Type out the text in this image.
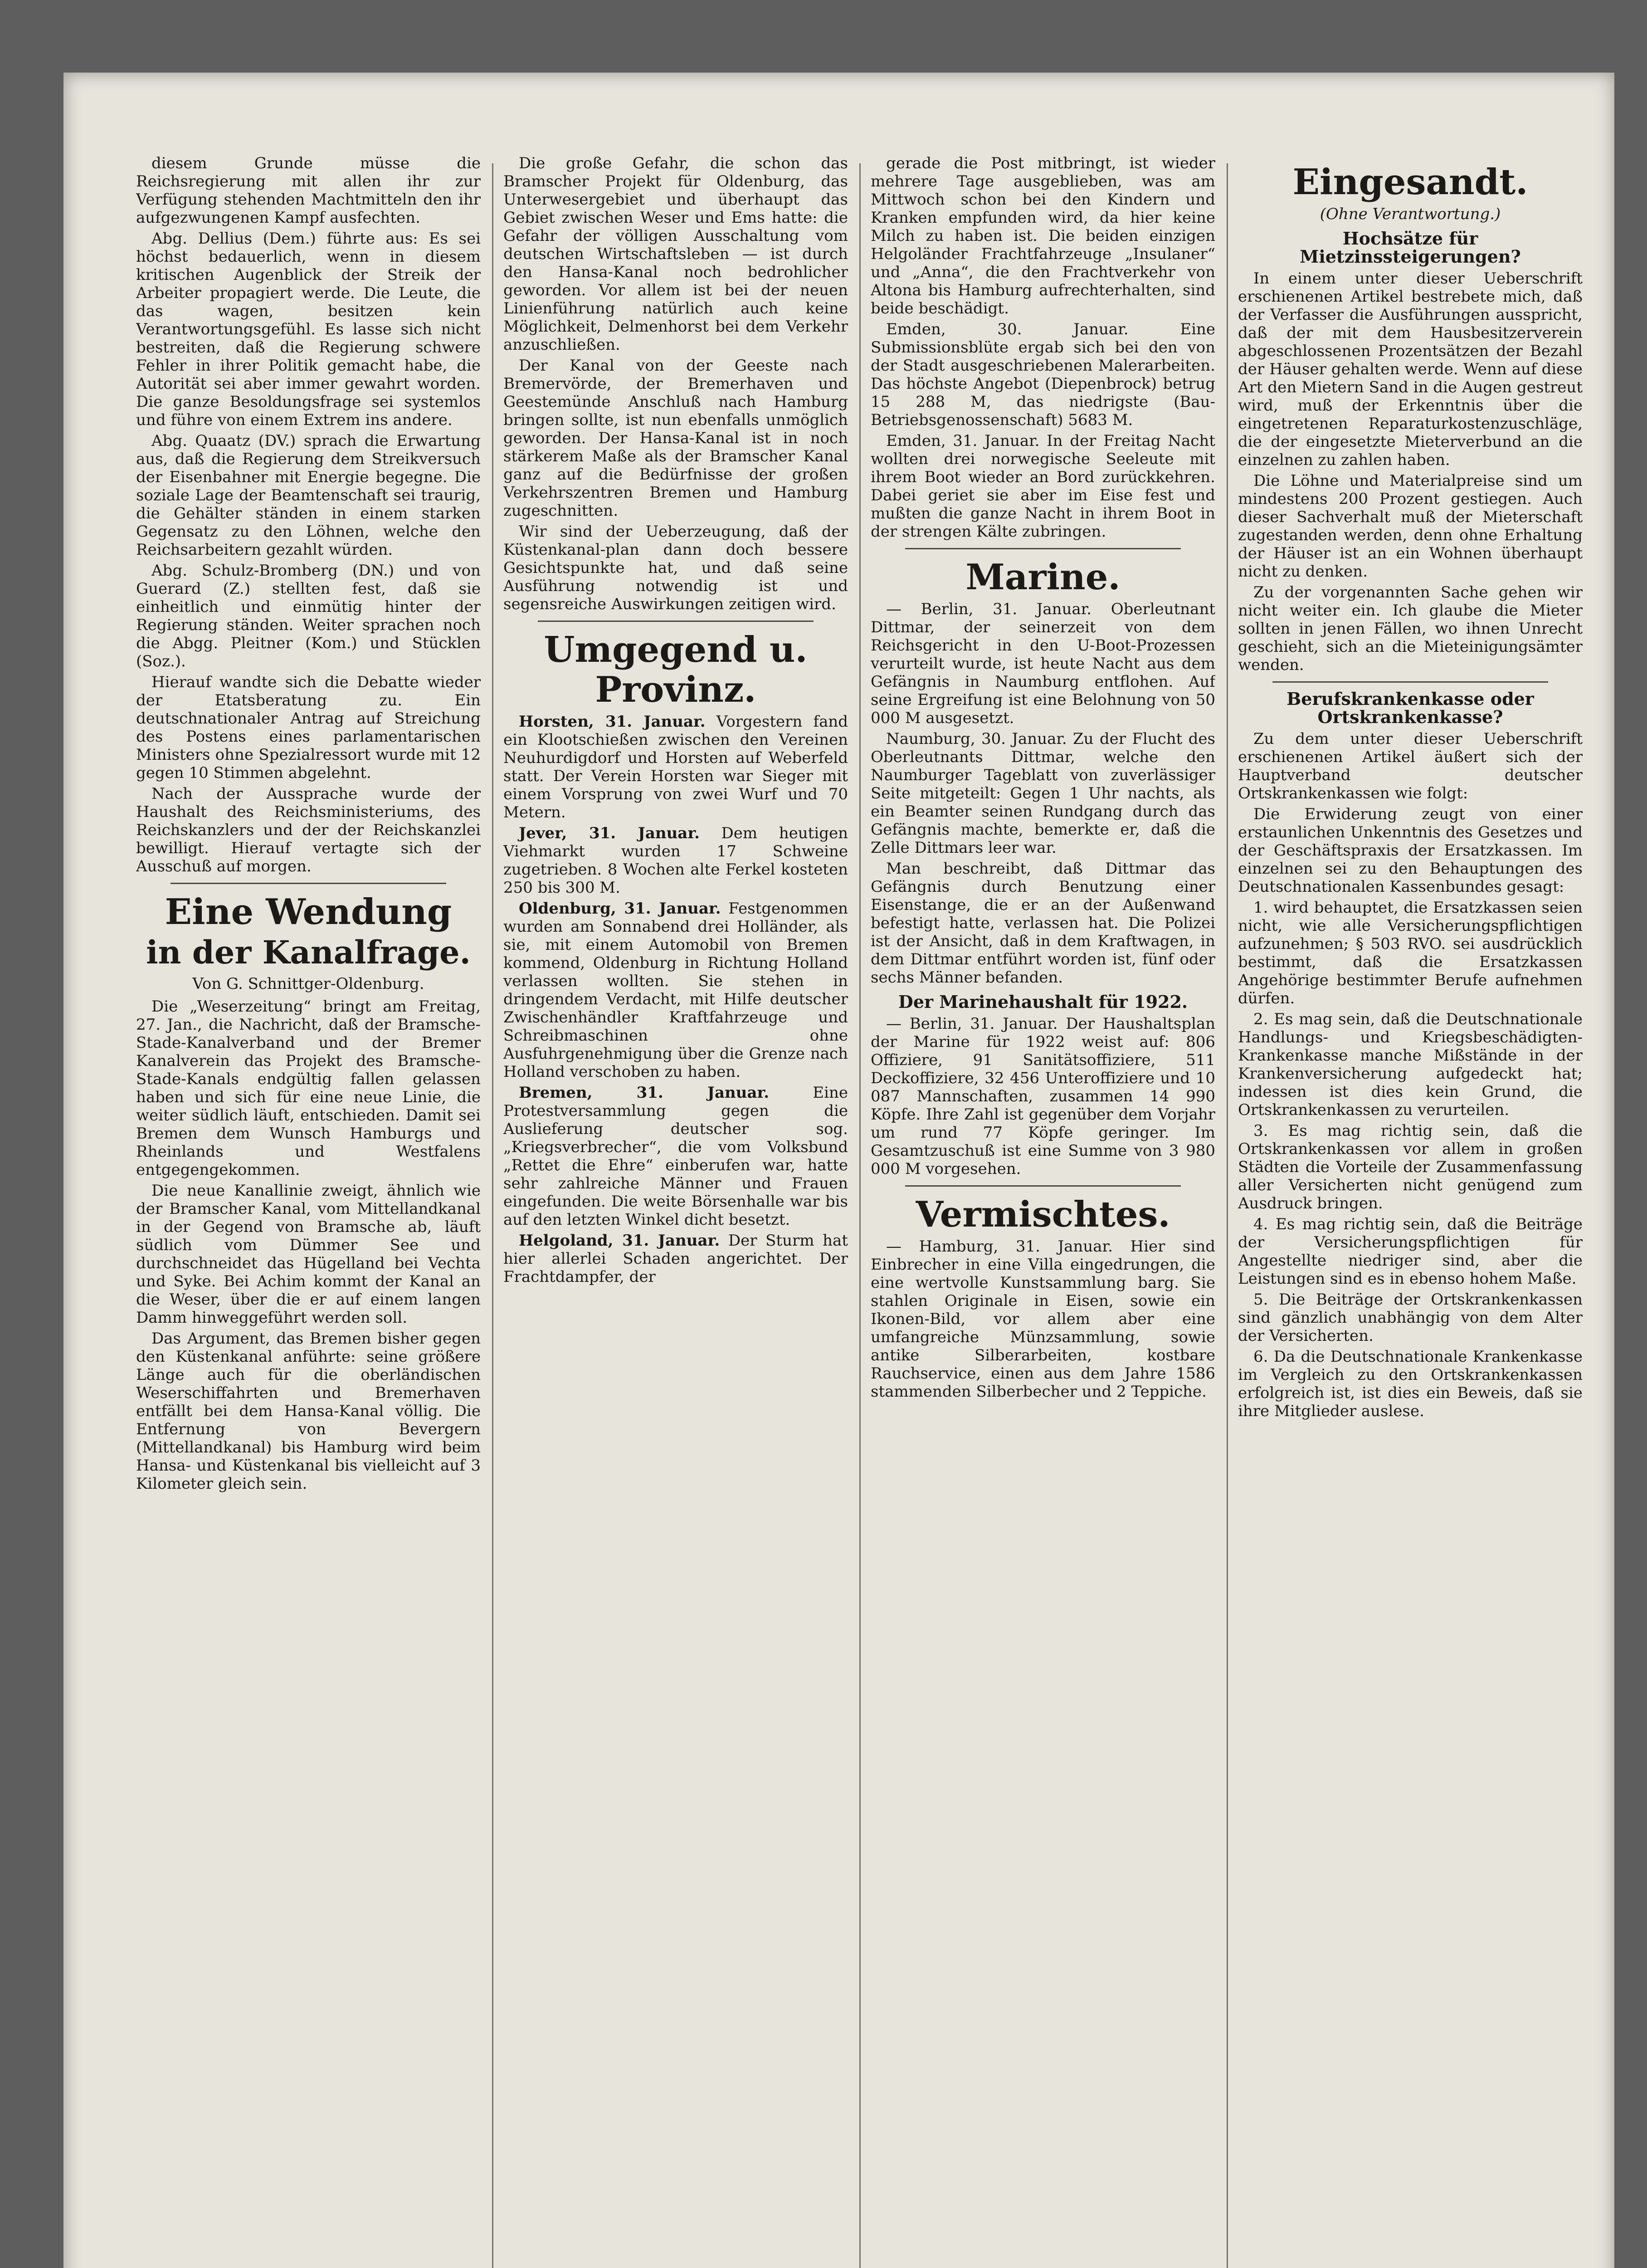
diesem Grunde müsse die Reichsregierung mit allen ihr zur Verfügung stehenden Machtmitteln den ihr aufgezwungenen Kampf ausfechten.

Abg. Dellius (Dem.) führte aus: Es sei höchst bedauerlich, wenn in diesem kritischen Augenblick der Streik der Arbeiter propagiert werde. Die Leute, die das wagen, besitzen kein Verantwortungsgefühl. Es lasse sich nicht bestreiten, daß die Regierung schwere Fehler in ihrer Politik gemacht habe, die Autorität sei aber immer gewahrt worden. Die ganze Besoldungsfrage sei systemlos und führe von einem Extrem ins andere.

Abg. Quaatz (DV.) sprach die Erwartung aus, daß die Regierung dem Streikversuch der Eisenbahner mit Energie begegne. Die soziale Lage der Beamtenschaft sei traurig, die Gehälter ständen in einem starken Gegensatz zu den Löhnen, welche den Reichsarbeitern gezahlt würden.

Abg. Schulz-Bromberg (DN.) und von Guerard (Z.) stellten fest, daß sie einheitlich und einmütig hinter der Regierung ständen. Weiter sprachen noch die Abgg. Pleitner (Kom.) und Stücklen (Soz.).

Hierauf wandte sich die Debatte wieder der Etatsberatung zu. Ein deutschnationaler Antrag auf Streichung des Postens eines parlamentarischen Ministers ohne Spezialressort wurde mit 12 gegen 10 Stimmen abgelehnt.

Nach der Aussprache wurde der Haushalt des Reichsministeriums, des Reichskanzlers und der der Reichskanzlei bewilligt. Hierauf vertagte sich der Ausschuß auf morgen.

Eine Wendung
in der Kanalfrage.
Von G. Schnittger-Oldenburg.

Die „Weserzeitung“ bringt am Freitag, 27. Jan., die Nachricht, daß der Bramsche-Stade-Kanalverband und der Bremer Kanalverein das Projekt des Bramsche-Stade-Kanals endgültig fallen gelassen haben und sich für eine neue Linie, die weiter südlich läuft, entschieden. Damit sei Bremen dem Wunsch Hamburgs und Rheinlands und Westfalens entgegengekommen.

Die neue Kanallinie zweigt, ähnlich wie der Bramscher Kanal, vom Mittellandkanal in der Gegend von Bramsche ab, läuft südlich vom Dümmer See und durchschneidet das Hügelland bei Vechta und Syke. Bei Achim kommt der Kanal an die Weser, über die er auf einem langen Damm hinweggeführt werden soll.

Das Argument, das Bremen bisher gegen den Küstenkanal anführte: seine größere Länge auch für die oberländischen Weserschiffahrten und Bremerhaven entfällt bei dem Hansa-Kanal völlig. Die Entfernung von Bevergern (Mittellandkanal) bis Hamburg wird beim Hansa- und Küstenkanal bis vielleicht auf 3 Kilometer gleich sein.

Die große Gefahr, die schon das Bramscher Projekt für Oldenburg, das Unterwesergebiet und überhaupt das Gebiet zwischen Weser und Ems hatte: die Gefahr der völligen Ausschaltung vom deutschen Wirtschaftsleben — ist durch den Hansa-Kanal noch bedrohlicher geworden. Vor allem ist bei der neuen Linienführung natürlich auch keine Möglichkeit, Delmenhorst bei dem Verkehr anzuschließen.

Der Kanal von der Geeste nach Bremervörde, der Bremerhaven und Geestemünde Anschluß nach Hamburg bringen sollte, ist nun ebenfalls unmöglich geworden. Der Hansa-Kanal ist in noch stärkerem Maße als der Bramscher Kanal ganz auf die Bedürfnisse der großen Verkehrszentren Bremen und Hamburg zugeschnitten.

Wir sind der Ueberzeugung, daß der Küstenkanal-plan dann doch bessere Gesichtspunkte hat, und daß seine Ausführung notwendig ist und segensreiche Auswirkungen zeitigen wird.

Umgegend u. Provinz.

Horsten, 31. Januar. Vorgestern fand ein Klootschießen zwischen den Vereinen Neuhurdigdorf und Horsten auf Weberfeld statt. Der Verein Horsten war Sieger mit einem Vorsprung von zwei Wurf und 70 Metern.

Jever, 31. Januar. Dem heutigen Viehmarkt wurden 17 Schweine zugetrieben. 8 Wochen alte Ferkel kosteten 250 bis 300 M.

Oldenburg, 31. Januar. Festgenommen wurden am Sonnabend drei Holländer, als sie, mit einem Automobil von Bremen kommend, Oldenburg in Richtung Holland verlassen wollten. Sie stehen in dringendem Verdacht, mit Hilfe deutscher Zwischenhändler Kraftfahrzeuge und Schreibmaschinen ohne Ausfuhrgenehmigung über die Grenze nach Holland verschoben zu haben.

Bremen, 31. Januar.	Eine Protestversammlung gegen die Auslieferung deutscher sog. „Kriegsverbrecher“, die vom Volksbund „Rettet die Ehre“ einberufen war, hatte sehr zahlreiche Männer und Frauen eingefunden. Die weite Börsenhalle war bis auf den letzten Winkel dicht besetzt.

Helgoland, 31. Januar. Der Sturm hat hier allerlei Schaden angerichtet. Der Frachtdampfer, der

gerade die Post mitbringt, ist wieder mehrere Tage ausgeblieben, was am Mittwoch schon bei den Kindern und Kranken empfunden wird, da hier keine Milch zu haben ist. Die beiden einzigen Helgoländer Frachtfahrzeuge „Insulaner“ und „Anna“, die den Frachtverkehr von Altona bis Hamburg aufrechterhalten, sind beide beschädigt.

Emden, 30. Januar. Eine Submissionsblüte ergab sich bei den von der Stadt ausgeschriebenen Malerarbeiten. Das höchste Angebot (Diepenbrock) betrug 15 288 M, das niedrigste (Bau-Betriebsgenossenschaft) 5683 M.

Emden, 31. Januar. In der Freitag Nacht wollten drei norwegische Seeleute mit ihrem Boot wieder an Bord zurückkehren. Dabei geriet sie aber im Eise fest und mußten die ganze Nacht in ihrem Boot in der strengen Kälte zubringen.

Marine.

— Berlin, 31. Januar. Oberleutnant Dittmar, der seinerzeit von dem Reichsgericht in den U-Boot-Prozessen verurteilt wurde, ist heute Nacht aus dem Gefängnis in Naumburg entflohen. Auf seine Ergreifung ist eine Belohnung von 50 000 M ausgesetzt.

Naumburg, 30. Januar. Zu der Flucht des Oberleutnants Dittmar, welche den Naumburger Tageblatt von zuverlässiger Seite mitgeteilt: Gegen 1 Uhr nachts, als ein Beamter seinen Rundgang durch das Gefängnis machte, bemerkte er, daß die Zelle Dittmars leer war.

Man beschreibt, daß Dittmar das Gefängnis durch Benutzung einer Eisenstange, die er an der Außenwand befestigt hatte, verlassen hat. Die Polizei ist der Ansicht, daß in dem Kraftwagen, in dem Dittmar entführt worden ist, fünf oder sechs Männer befanden.

Der Marinehaushalt für 1922.

— Berlin, 31. Januar. Der Haushaltsplan der Marine für 1922 weist auf: 806 Offiziere, 91 Sanitätsoffiziere, 511 Deckoffiziere, 32 456 Unteroffiziere und 10 087 Mannschaften, zusammen 14 990 Köpfe. Ihre Zahl ist gegenüber dem Vorjahr um rund 77 Köpfe geringer. Im Gesamtzuschuß ist eine Summe von 3 980 000 M vorgesehen.

Vermischtes.

— Hamburg, 31. Januar. Hier sind Einbrecher in eine Villa eingedrungen, die eine wertvolle Kunstsammlung barg. Sie stahlen Originale in Eisen, sowie ein Ikonen-Bild, vor allem aber eine umfangreiche Münzsammlung, sowie antike Silberarbeiten, kostbare Rauchservice, einen aus dem Jahre 1586 stammenden Silberbecher und 2 Teppiche.

Eingesandt.
(Ohne Verantwortung.)
Hochsätze für Mietzinssteigerungen?

In einem unter dieser Ueberschrift erschienenen Artikel bestrebete mich, daß der Verfasser die Ausführungen ausspricht, daß der mit dem Hausbesitzerverein abgeschlossenen Prozentsätzen der Bezahl der Häuser gehalten werde. Wenn auf diese Art den Mietern Sand in die Augen gestreut wird, muß der Erkenntnis über die eingetretenen Reparaturkostenzuschläge, die der eingesetzte Mieterverbund an die einzelnen zu zahlen haben.

Die Löhne und Materialpreise sind um mindestens 200 Prozent gestiegen. Auch dieser Sachverhalt muß der Mieterschaft zugestanden werden, denn ohne Erhaltung der Häuser ist an ein Wohnen überhaupt nicht zu denken.

Zu der vorgenannten Sache gehen wir nicht weiter ein. Ich glaube die Mieter sollten in jenen Fällen, wo ihnen Unrecht geschieht, sich an die Mieteinigungsämter wenden.

Berufskrankenkasse oder Ortskrankenkasse?

Zu dem unter dieser Ueberschrift erschienenen Artikel äußert sich der Hauptverband deutscher Ortskrankenkassen wie folgt:

Die Erwiderung zeugt von einer erstaunlichen Unkenntnis des Gesetzes und der Geschäftspraxis der Ersatzkassen. Im einzelnen sei zu den Behauptungen des Deutschnationalen Kassenbundes gesagt:

1. wird behauptet, die Ersatzkassen seien nicht, wie alle Versicherungspflichtigen aufzunehmen; § 503 RVO. sei ausdrücklich bestimmt, daß die Ersatzkassen Angehörige bestimmter Berufe aufnehmen dürfen.

2. Es mag sein, daß die Deutschnationale Handlungs- und Kriegsbeschädigten-Krankenkasse manche Mißstände in der Krankenversicherung aufgedeckt hat; indessen ist dies kein Grund, die Ortskrankenkassen zu verurteilen.

3. Es mag richtig sein, daß die Ortskrankenkassen vor allem in großen Städten die Vorteile der Zusammenfassung aller Versicherten nicht genügend zum Ausdruck bringen.

4. Es mag richtig sein, daß die Beiträge der Versicherungspflichtigen für Angestellte niedriger sind, aber die Leistungen sind es in ebenso hohem Maße.

5. Die Beiträge der Ortskrankenkassen sind gänzlich unabhängig von dem Alter der Versicherten.

6. Da die Deutschnationale Krankenkasse im Vergleich zu den Ortskrankenkassen erfolgreich ist, ist dies ein Beweis, daß sie ihre Mitglieder auslese.
